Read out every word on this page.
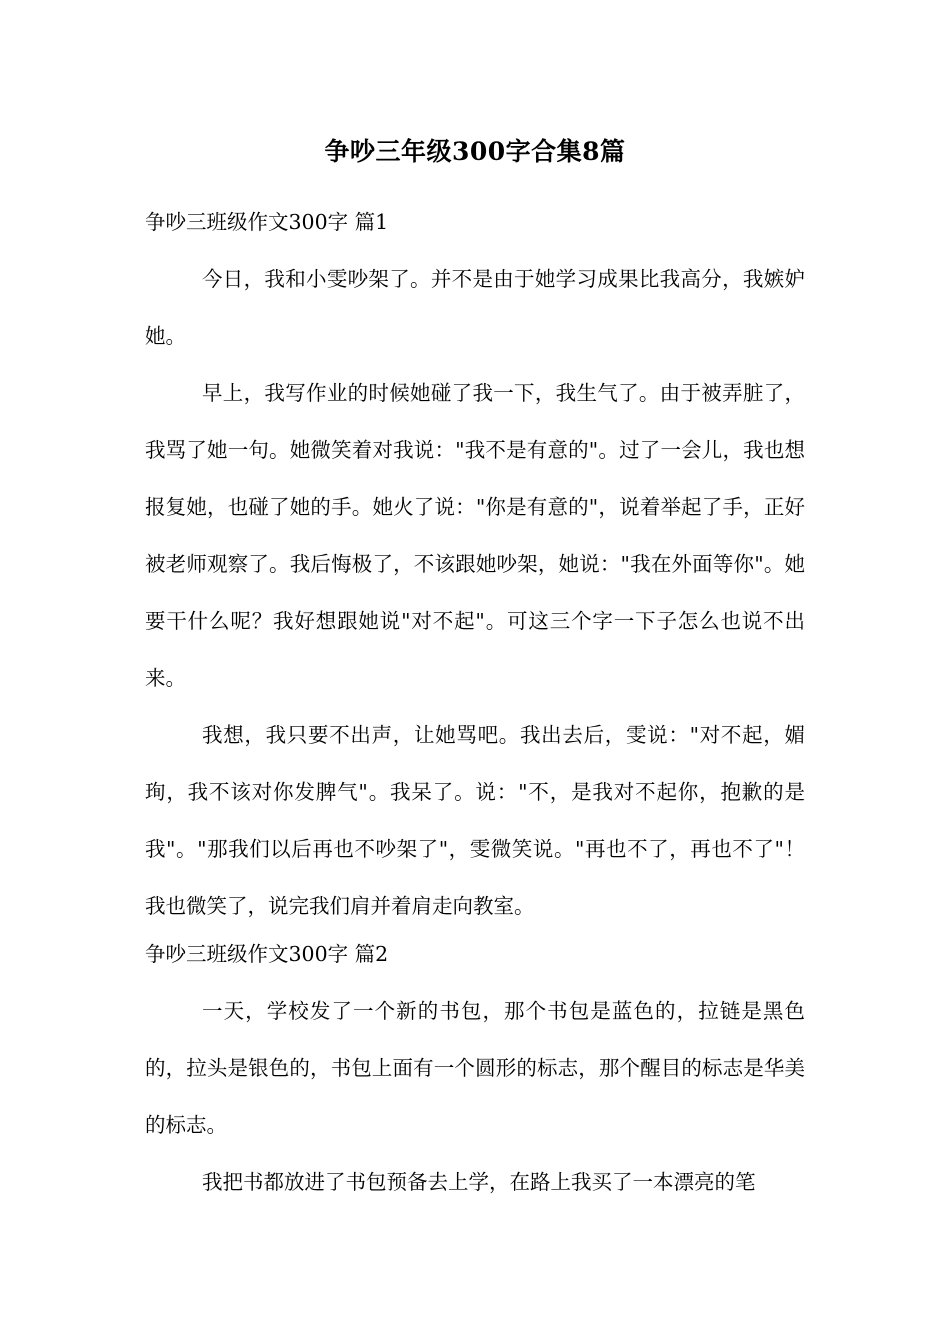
争吵三年级300字合集8篇
争吵三班级作文300字 篇1

今日，我和小雯吵架了。并不是由于她学习成果比我高分，我嫉妒她。

早上，我写作业的时候她碰了我一下，我生气了。由于被弄脏了，我骂了她一句。她微笑着对我说："我不是有意的"。过了一会儿，我也想报复她，也碰了她的手。她火了说："你是有意的"，说着举起了手，正好被老师观察了。我后悔极了，不该跟她吵架，她说："我在外面等你"。她要干什么呢？我好想跟她说"对不起"。可这三个字一下子怎么也说不出来。

我想，我只要不出声，让她骂吧。我出去后，雯说："对不起，媚珣，我不该对你发脾气"。我呆了。说："不，是我对不起你，抱歉的是我"。"那我们以后再也不吵架了"，雯微笑说。"再也不了，再也不了"！我也微笑了，说完我们肩并着肩走向教室。

争吵三班级作文300字 篇2

一天，学校发了一个新的书包，那个书包是蓝色的，拉链是黑色的，拉头是银色的，书包上面有一个圆形的标志，那个醒目的标志是华美的标志。

我把书都放进了书包预备去上学，在路上我买了一本漂亮的笔
